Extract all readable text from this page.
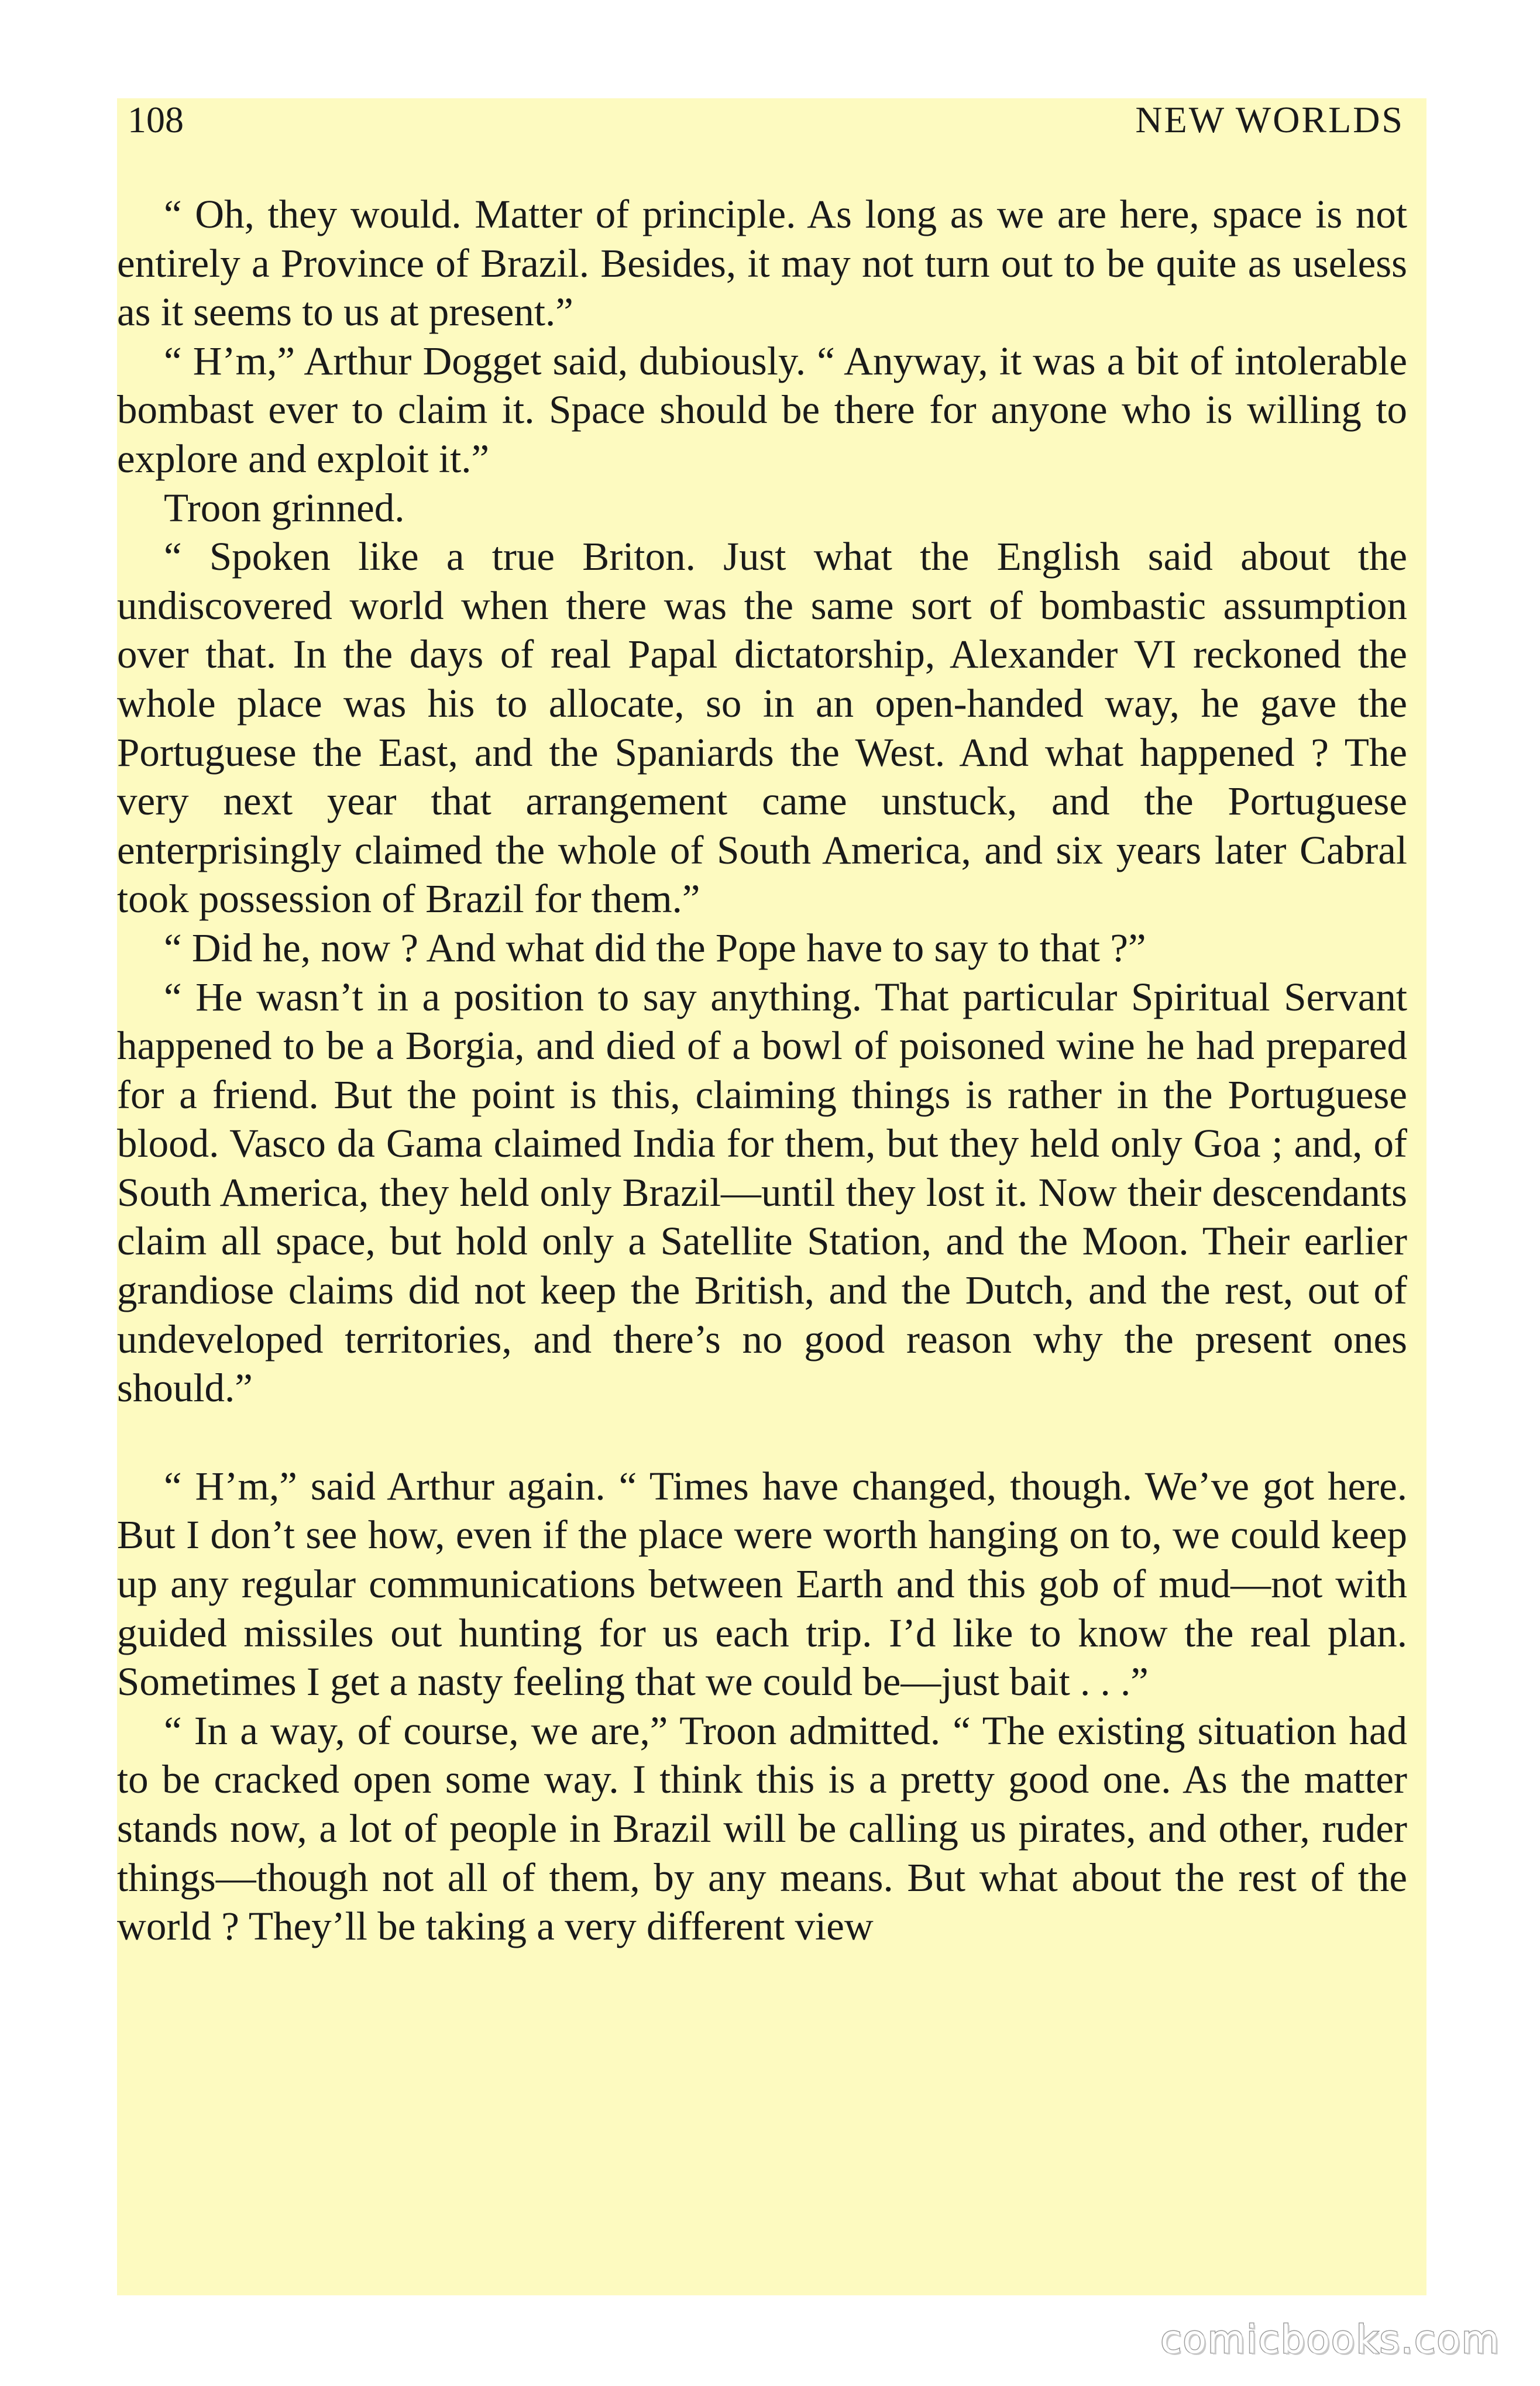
108	NEW WORLDS

“ Oh, they would. Matter of principle. As long as we are here, space is not entirely a Province of Brazil. Besides, it may not turn out to be quite as useless as it seems to us at present.”

“ H’m,” Arthur Dogget said, dubiously. “ Anyway, it was a bit of intolerable bombast ever to claim it. Space should be there for anyone who is willing to explore and exploit it.”

Troon grinned.

“ Spoken like a true Briton. Just what the English said about the undiscovered world when there was the same sort of bombastic assumption over that. In the days of real Papal dictatorship, Alexander VI reckoned the whole place was his to allocate, so in an open-handed way, he gave the Portuguese the East, and the Spaniards the West. And what happened ? The very next year that arrangement came unstuck, and the Portuguese enterprisingly claimed the whole of South America, and six years later Cabral took possession of Brazil for them.”

“ Did he, now ? And what did the Pope have to say to that ?”

“ He wasn’t in a position to say anything. That particular Spiritual Servant happened to be a Borgia, and died of a bowl of poisoned wine he had prepared for a friend. But the point is this, claiming things is rather in the Portuguese blood. Vasco da Gama claimed India for them, but they held only Goa ; and, of South America, they held only Brazil—until they lost it. Now their descendants claim all space, but hold only a Satellite Station, and the Moon. Their earlier grandiose claims did not keep the British, and the Dutch, and the rest, out of undeveloped territories, and there’s no good reason why the present ones should.”

“ H’m,” said Arthur again. “ Times have changed, though. We’ve got here. But I don’t see how, even if the place were worth hanging on to, we could keep up any regular communications between Earth and this gob of mud—not with guided missiles out hunting for us each trip. I’d like to know the real plan. Sometimes I get a nasty feeling that we could be—just bait . . .”

“ In a way, of course, we are,” Troon admitted. “ The existing situation had to be cracked open some way. I think this is a pretty good one. As the matter stands now, a lot of people in Brazil will be calling us pirates, and other, ruder things—though not all of them, by any means. But what about the rest of the world ? They’ll be taking a very different view

comicbooks.com
